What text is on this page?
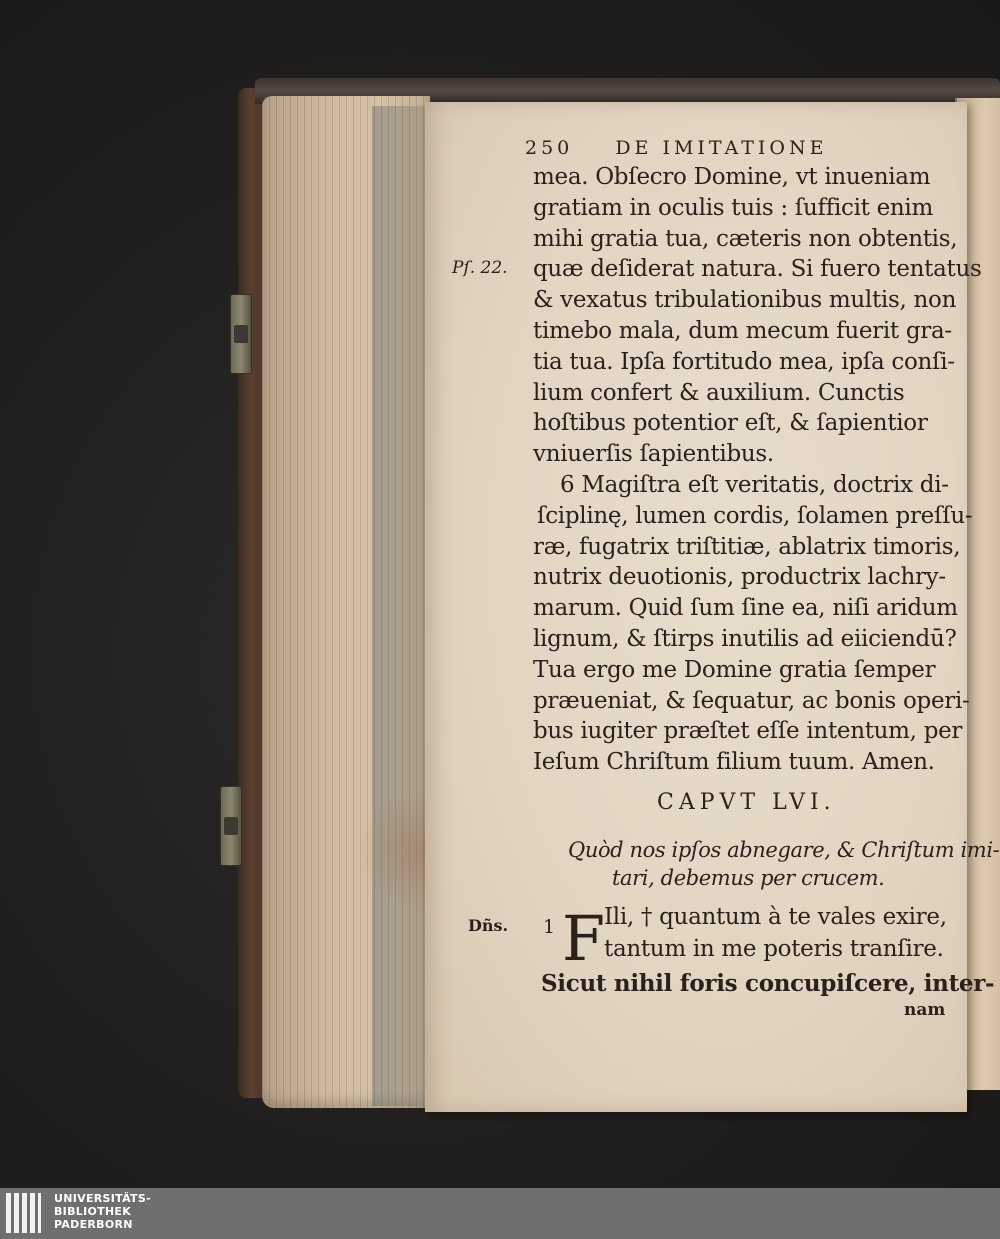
250 DE IMITATIONE
Pſ. 22.
Dñs.
mea. Obſecro Domine, vt inueniam
gratiam in oculis tuis : ſufficit enim
mihi gratia tua, cæteris non obtentis,
quæ deſiderat natura. Si fuero tentatus
& vexatus tribulationibus multis, non
timebo mala, dum mecum fuerit gra-
tia tua. Ipſa fortitudo mea, ipſa conſi-
lium confert & auxilium. Cunctis
hoſtibus potentior eſt, & ſapientior
vniuerſis ſapientibus.
6 Magiſtra eſt veritatis, doctrix di-
ſciplinę, lumen cordis, ſolamen preſſu-
ræ, fugatrix triſtitiæ, ablatrix timoris,
nutrix deuotionis, productrix lachry-
marum. Quid ſum ſine ea, niſi aridum
lignum, & ſtirps inutilis ad eiiciendū?
Tua ergo me Domine gratia ſemper
præueniat, & ſequatur, ac bonis operi-
bus iugiter præſtet eſſe intentum, per
Ieſum Chriſtum filium tuum. Amen.
CAPVT LVI.
Quòd nos ipſos abnegare, & Chriſtum imi-
tari, debemus per crucem.
1 F
Ili, † quantum à te vales exire,
tantum in me poteris tranſire.
Sicut nihil foris concupiſcere, inter-
nam
UNIVERSITÄTS-
BIBLIOTHEK
PADERBORN
